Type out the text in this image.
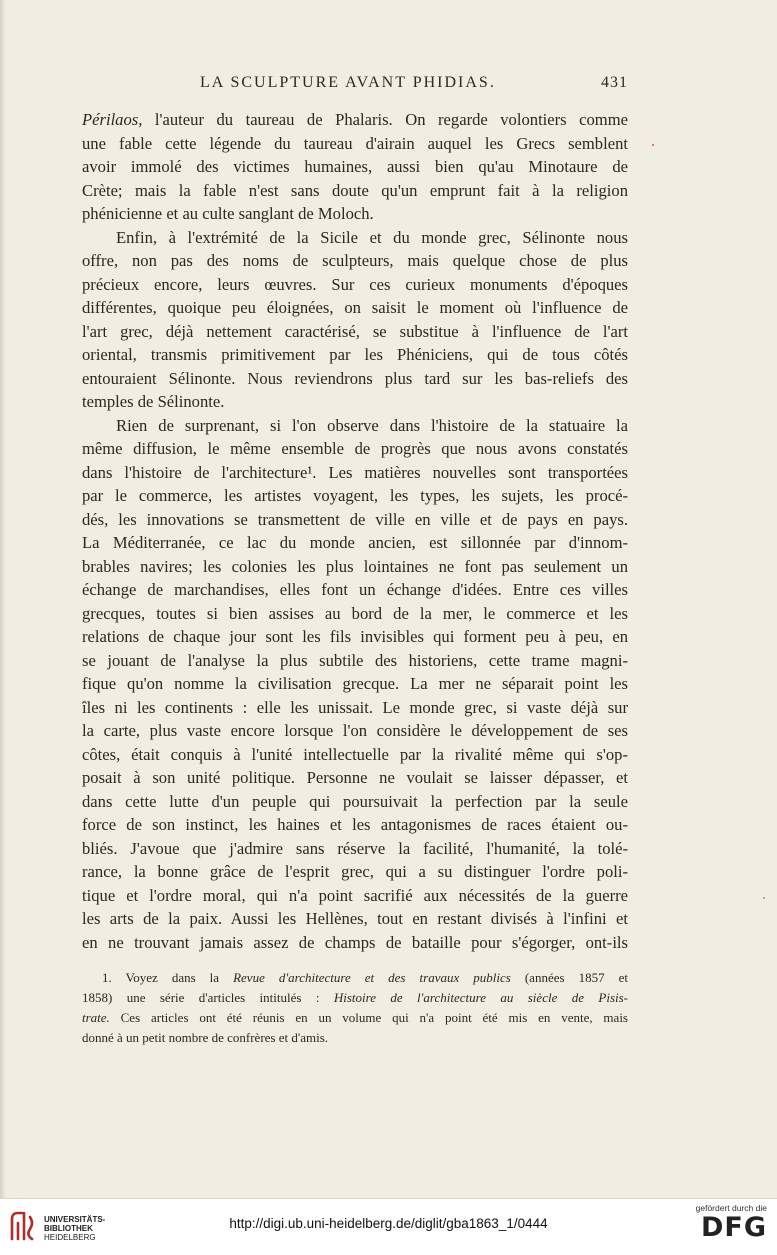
LA SCULPTURE AVANT PHIDIAS.	431
Périlaos, l'auteur du taureau de Phalaris. On regarde volontiers comme
une fable cette légende du taureau d'airain auquel les Grecs semblent
avoir immolé des victimes humaines, aussi bien qu'au Minotaure de
Crète; mais la fable n'est sans doute qu'un emprunt fait à la religion
phénicienne et au culte sanglant de Moloch.
Enfin, à l'extrémité de la Sicile et du monde grec, Sélinonte nous
offre, non pas des noms de sculpteurs, mais quelque chose de plus
précieux encore, leurs œuvres. Sur ces curieux monuments d'époques
différentes, quoique peu éloignées, on saisit le moment où l'influence de
l'art grec, déjà nettement caractérisé, se substitue à l'influence de l'art
oriental, transmis primitivement par les Phéniciens, qui de tous côtés
entouraient Sélinonte. Nous reviendrons plus tard sur les bas-reliefs des
temples de Sélinonte.
Rien de surprenant, si l'on observe dans l'histoire de la statuaire la
même diffusion, le même ensemble de progrès que nous avons constatés
dans l'histoire de l'architecture¹. Les matières nouvelles sont transportées
par le commerce, les artistes voyagent, les types, les sujets, les procé-
dés, les innovations se transmettent de ville en ville et de pays en pays.
La Méditerranée, ce lac du monde ancien, est sillonnée par d'innom-
brables navires; les colonies les plus lointaines ne font pas seulement un
échange de marchandises, elles font un échange d'idées. Entre ces villes
grecques, toutes si bien assises au bord de la mer, le commerce et les
relations de chaque jour sont les fils invisibles qui forment peu à peu, en
se jouant de l'analyse la plus subtile des historiens, cette trame magni-
fique qu'on nomme la civilisation grecque. La mer ne séparait point les
îles ni les continents : elle les unissait. Le monde grec, si vaste déjà sur
la carte, plus vaste encore lorsque l'on considère le développement de ses
côtes, était conquis à l'unité intellectuelle par la rivalité même qui s'op-
posait à son unité politique. Personne ne voulait se laisser dépasser, et
dans cette lutte d'un peuple qui poursuivait la perfection par la seule
force de son instinct, les haines et les antagonismes de races étaient ou-
bliés. J'avoue que j'admire sans réserve la facilité, l'humanité, la tolé-
rance, la bonne grâce de l'esprit grec, qui a su distinguer l'ordre poli-
tique et l'ordre moral, qui n'a point sacrifié aux nécessités de la guerre
les arts de la paix. Aussi les Hellènes, tout en restant divisés à l'infini et
en ne trouvant jamais assez de champs de bataille pour s'égorger, ont-ils
1. Voyez dans la Revue d'architecture et des travaux publics (années 1857 et
1858) une série d'articles intitulés : Histoire de l'architecture au siècle de Pisis-
trate. Ces articles ont été réunis en un volume qui n'a point été mis en vente, mais
donné à un petit nombre de confrères et d'amis.
UNIVERSITÄTS-
BIBLIOTHEK
HEIDELBERG
http://digi.ub.uni-heidelberg.de/diglit/gba1863_1/0444
gefördert durch die
DFG
